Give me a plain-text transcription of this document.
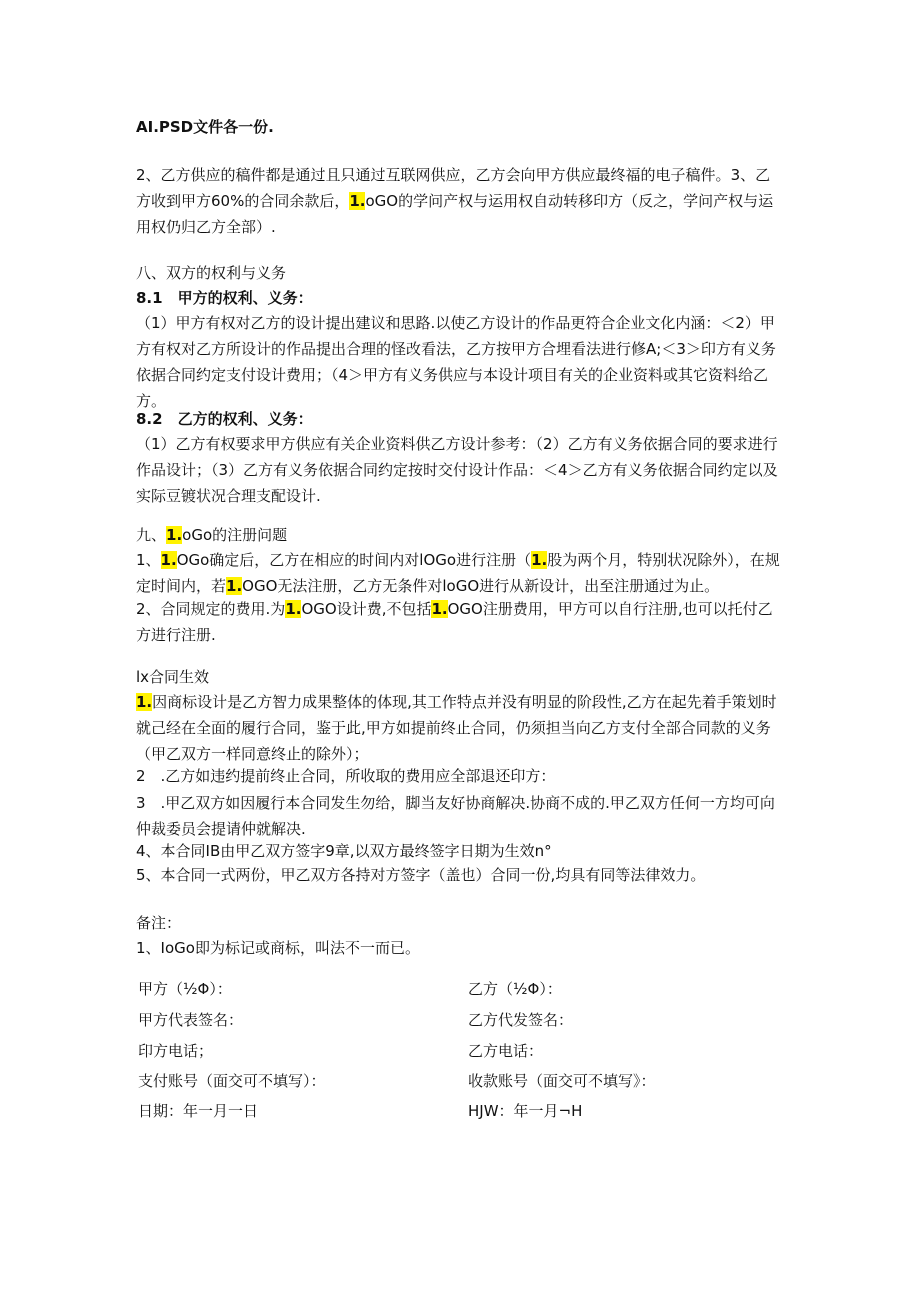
AI.PSD文件各一份.

2、乙方供应的稿件都是通过且只通过互联网供应，乙方会向甲方供应最终福的电子稿件。3、乙方收到甲方60%的合同余款后，1.oGO的学问产权与运用权自动转移印方（反之，学问产权与运用权仍归乙方全部）.

八、双方的权利与义务

8.1　甲方的权利、义务：

（1）甲方有权对乙方的设计提出建议和思路.以使乙方设计的作品更符合企业文化内涵：＜2）甲方有权对乙方所设计的作品提出合理的怪改看法，乙方按甲方合埋看法进行修A;＜3＞印方有义务依据合同约定支付设计费用；（4＞甲方有义务供应与本设计项目有关的企业资料或其它资料给乙方。

8.2　乙方的权利、义务：

（1）乙方有权要求甲方供应有关企业资料供乙方设计参考：（2）乙方有义务依据合同的要求进行作品设计；（3）乙方有义务依据合同约定按时交付设计作品：＜4＞乙方有义务依据合同约定以及实际豆镀状况合理支配设计.

九、1.oGo的注册问题

1、1.OGo确定后，乙方在相应的时间内对lOGo进行注册（1.股为两个月，特别状况除外），在规定时间内，若1.OGO无法注册，乙方无条件对loGO进行从新设计，出至注册通过为止。

2、合同规定的费用.为1.OGO设计费,不包括1.OGO注册费用，甲方可以自行注册,也可以托付乙方进行注册.

lx合同生效

1.因商标设计是乙方智力成果整体的体现,其工作特点并没有明显的阶段性,乙方在起先着手策划时就己经在全面的履行合同，鉴于此,甲方如提前终止合同，仍须担当向乙方支付全部合同款的义务（甲乙双方一样同意终止的除外）；

2　.乙方如违约提前终止合同，所收取的费用应全部退还印方：

3　.甲乙双方如因履行本合同发生勿给，脚当友好协商解决.协商不成的.甲乙双方任何一方均可向仲裁委员会提请仲就解决.

4、本合同IB由甲乙双方签字9章,以双方最终签字日期为生效n°

5、本合同一式两份，甲乙双方各持对方签字（盖也）合同一份,均具有同等法律效力。

备注：

1、IoGo即为标记或商标，叫法不一而已。

甲方（½Φ）：
甲方代表签名：
印方电话；
支付账号（面交可不填写）：
日期：年一月一日
乙方（½Φ）：
乙方代发签名：
乙方电话：
收款账号（面交可不填写》：
HJW：年一月¬H
